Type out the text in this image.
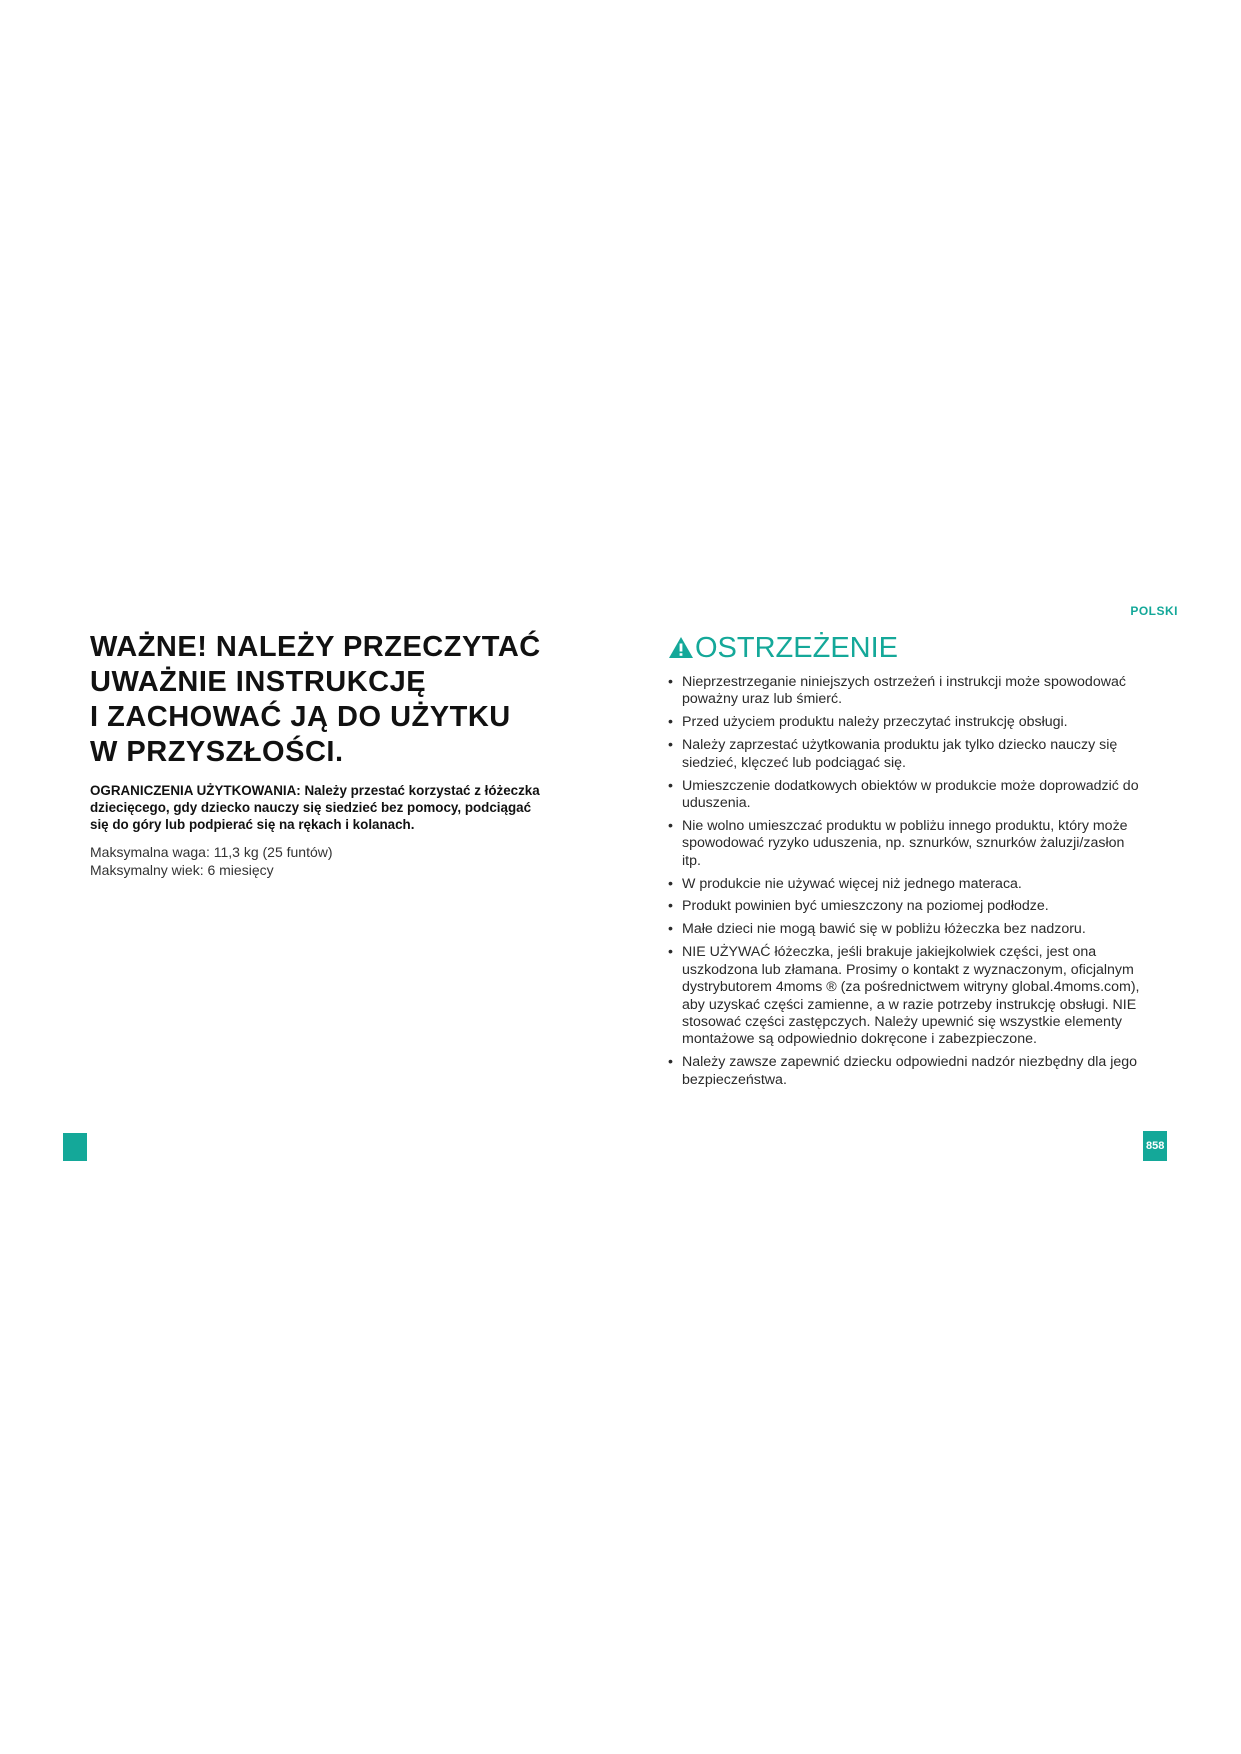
POLSKI
WAŻNE! NALEŻY PRZECZYTAĆ
UWAŻNIE INSTRUKCJĘ
I ZACHOWAĆ JĄ DO UŻYTKU
W PRZYSZŁOŚCI.

OGRANICZENIA UŻYTKOWANIA: Należy przestać korzystać z łóżeczka dziecięcego, gdy dziecko nauczy się siedzieć bez pomocy, podciągać się do góry lub podpierać się na rękach i kolanach.

Maksymalna waga: 11,3 kg (25 funtów)
Maksymalny wiek: 6 miesięcy
OSTRZEŻENIE
• Nieprzestrzeganie niniejszych ostrzeżeń i instrukcji może spowodować poważny uraz lub śmierć.
• Przed użyciem produktu należy przeczytać instrukcję obsługi.
• Należy zaprzestać użytkowania produktu jak tylko dziecko nauczy się siedzieć, klęczeć lub podciągać się.
• Umieszczenie dodatkowych obiektów w produkcie może doprowadzić do uduszenia.
• Nie wolno umieszczać produktu w pobliżu innego produktu, który może spowodować ryzyko uduszenia, np. sznurków, sznurków żaluzji/zasłon itp.
• W produkcie nie używać więcej niż jednego materaca.
• Produkt powinien być umieszczony na poziomej podłodze.
• Małe dzieci nie mogą bawić się w pobliżu łóżeczka bez nadzoru.
• NIE UŻYWAĆ łóżeczka, jeśli brakuje jakiejkolwiek części, jest ona uszkodzona lub złamana. Prosimy o kontakt z wyznaczonym, oficjalnym dystrybutorem 4moms ® (za pośrednictwem witryny global.4moms.com), aby uzyskać części zamienne, a w razie potrzeby instrukcję obsługi. NIE stosować części zastępczych. Należy upewnić się wszystkie elementy montażowe są odpowiednio dokręcone i zabezpieczone.
• Należy zawsze zapewnić dziecku odpowiedni nadzór niezbędny dla jego bezpieczeństwa.
858
